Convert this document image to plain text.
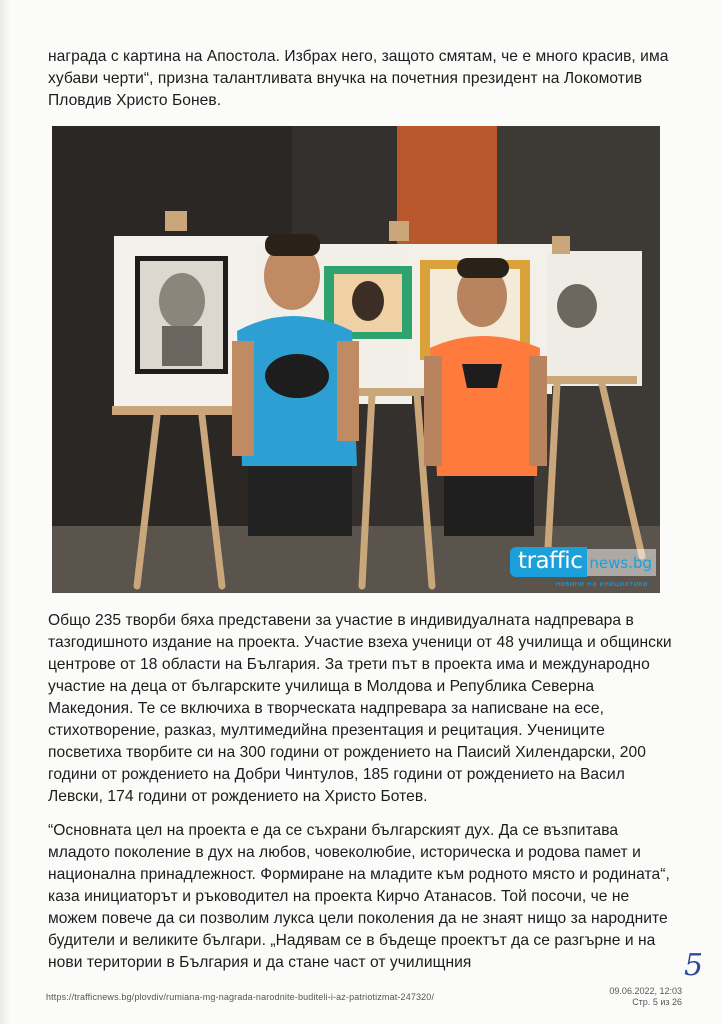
награда с картина на Апостола. Избрах него, защото смятам, че е много красив, има хубави черти“, призна талантливата внучка на почетния президент на Локомотив Пловдив Христо Бонев.

traffic news.bg
новини на инициативи

Общо 235 творби бяха представени за участие в индивидуалната надпревара в тазгодишното издание на проекта. Участие взеха ученици от 48 училища и общински центрове от 18 области на България. За трети път в проекта има и международно участие на деца от българските училища в Молдова и Република Северна Македония. Те се включиха в творческата надпревара за написване на есе, стихотворение, разказ, мултимедийна презентация и рецитация. Учениците посветиха творбите си на 300 години от рождението на Паисий Хилендарски, 200 години от рождението на Добри Чинтулов, 185 години от рождението на Васил Левски, 174 години от рождението на Христо Ботев.

“Основната цел на проекта е да се съхрани българският дух. Да се възпитава младото поколение в дух на любов, човеколюбие, историческа и родова памет и национална принадлежност. Формиране на младите към родното място и родината“, каза инициаторът и ръководител на проекта Кирчо Атанасов. Той посочи, че не можем повече да си позволим лукса цели поколения да не знаят нищо за народните будители и великите българи. „Надявам се в бъдеще проектът да се разгърне и на нови територии в България и да стане част от училищния	5
https://trafficnews.bg/plovdiv/rumiana-mg-nagrada-narodnite-buditeli-i-az-patriotizmat-247320/
09.06.2022, 12:03
Стр. 5 из 26
